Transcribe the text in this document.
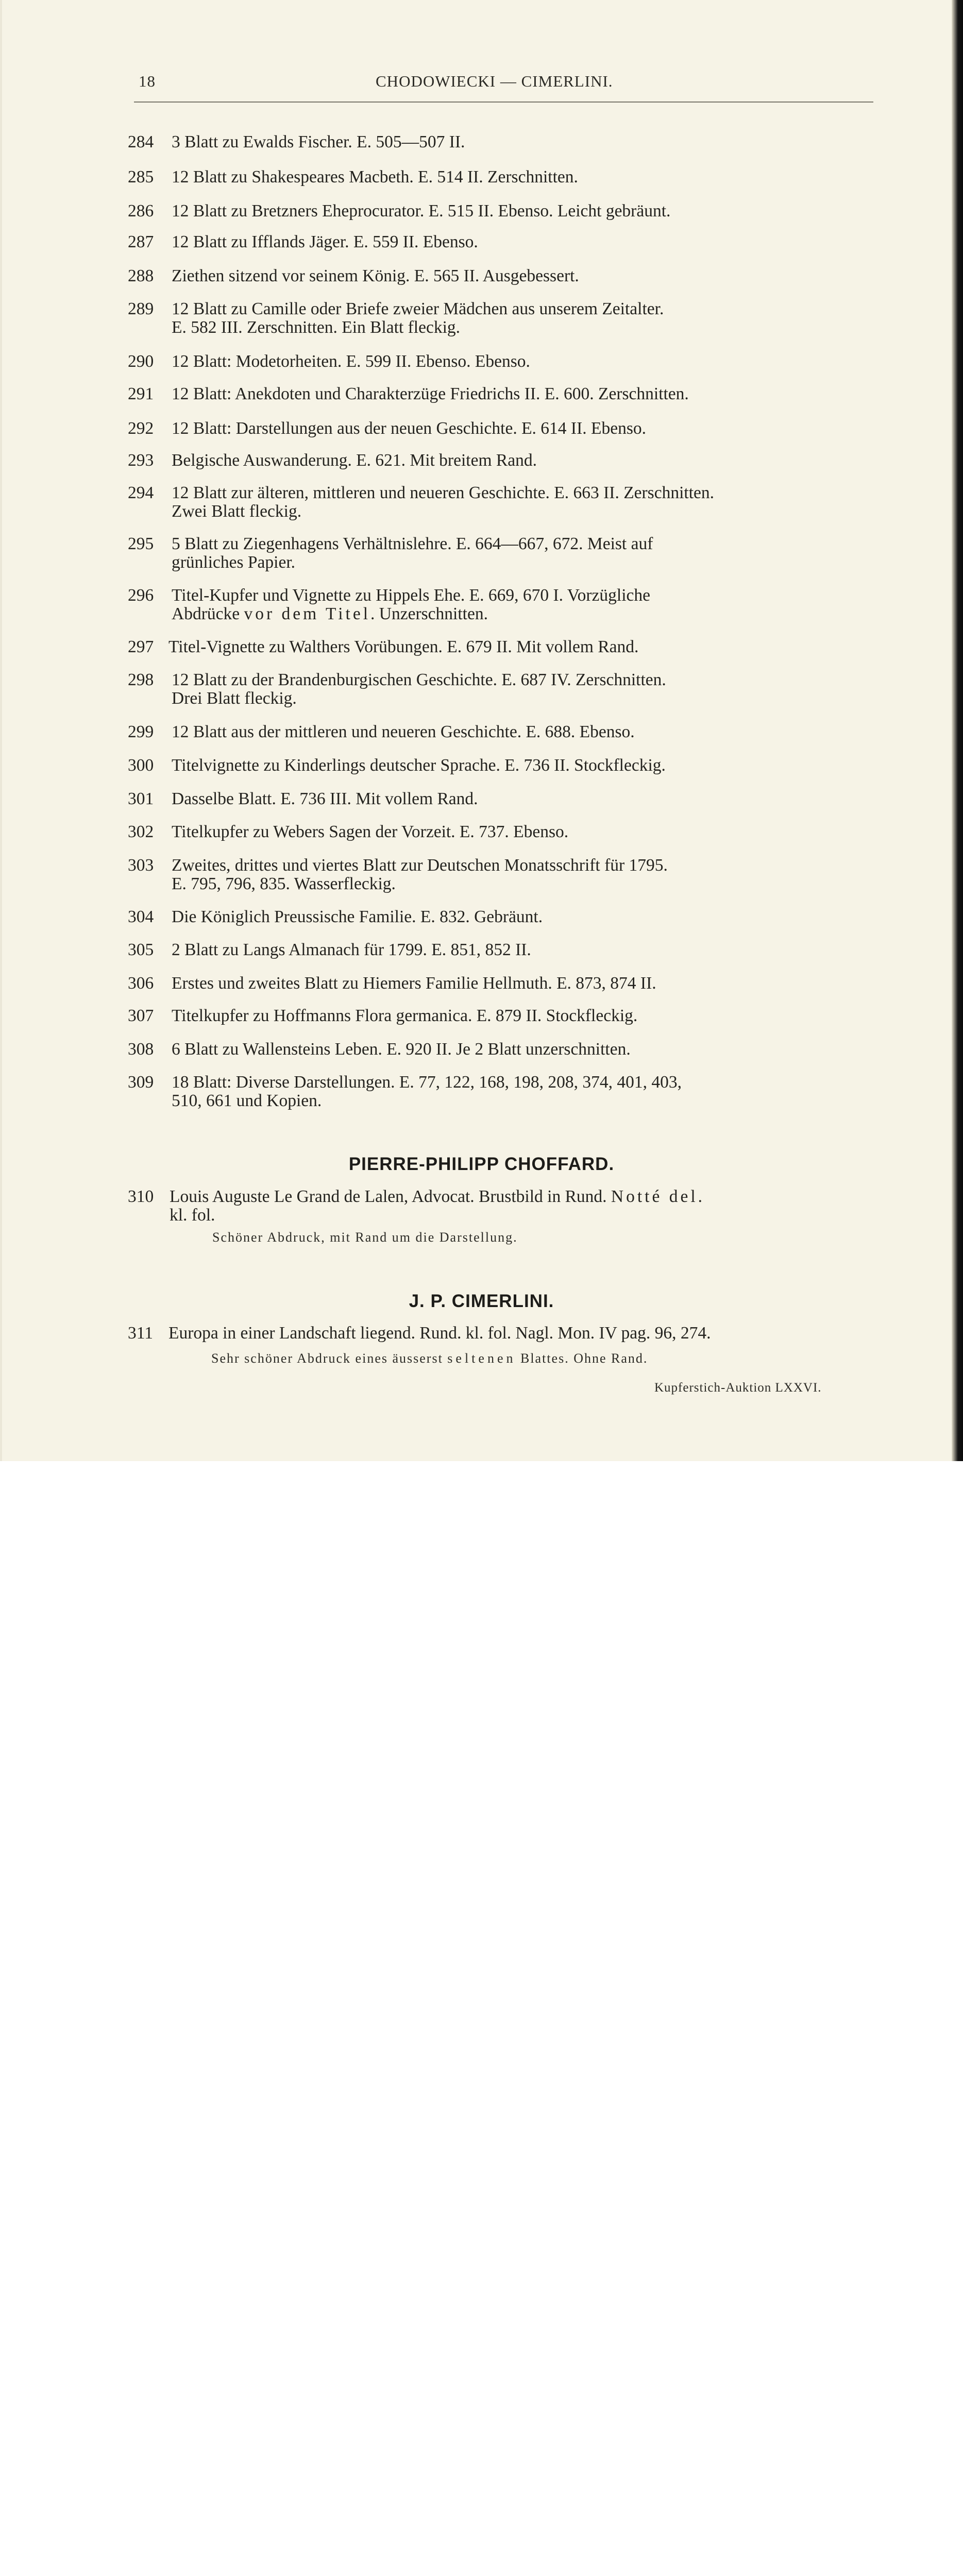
18	CHODOWIECKI — CIMERLINI.
284	3 Blatt zu Ewalds Fischer. E. 505—507 II.
285	12 Blatt zu Shakespeares Macbeth. E. 514 II. Zerschnitten.
286	12 Blatt zu Bretzners Eheprocurator. E. 515 II. Ebenso. Leicht gebräunt.
287	12 Blatt zu Ifflands Jäger. E. 559 II. Ebenso.
288	Ziethen sitzend vor seinem König. E. 565 II. Ausgebessert.
289	12 Blatt zu Camille oder Briefe zweier Mädchen aus unserem Zeitalter.
E. 582 III. Zerschnitten. Ein Blatt fleckig.
290	12 Blatt: Modetorheiten. E. 599 II. Ebenso. Ebenso.
291	12 Blatt: Anekdoten und Charakterzüge Friedrichs II. E. 600. Zerschnitten.
292	12 Blatt: Darstellungen aus der neuen Geschichte. E. 614 II. Ebenso.
293	Belgische Auswanderung. E. 621. Mit breitem Rand.
294	12 Blatt zur älteren, mittleren und neueren Geschichte. E. 663 II. Zerschnitten.
Zwei Blatt fleckig.
295	5 Blatt zu Ziegenhagens Verhältnislehre. E. 664—667, 672. Meist auf
grünliches Papier.
296	Titel-Kupfer und Vignette zu Hippels Ehe. E. 669, 670 I. Vorzügliche
Abdrücke vor dem Titel. Unzerschnitten.
297 Titel-Vignette zu Walthers Vorübungen. E. 679 II. Mit vollem Rand.
298	12 Blatt zu der Brandenburgischen Geschichte. E. 687 IV. Zerschnitten.
Drei Blatt fleckig.
299	12 Blatt aus der mittleren und neueren Geschichte. E. 688. Ebenso.
300	Titelvignette zu Kinderlings deutscher Sprache. E. 736 II. Stockfleckig.
301	Dasselbe Blatt. E. 736 III. Mit vollem Rand.
302	Titelkupfer zu Webers Sagen der Vorzeit. E. 737. Ebenso.
303	Zweites, drittes und viertes Blatt zur Deutschen Monatsschrift für 1795.
E. 795, 796, 835. Wasserfleckig.
304	Die Königlich Preussische Familie. E. 832. Gebräunt.
305	2 Blatt zu Langs Almanach für 1799. E. 851, 852 II.
306	Erstes und zweites Blatt zu Hiemers Familie Hellmuth. E. 873, 874 II.
307	Titelkupfer zu Hoffmanns Flora germanica. E. 879 II. Stockfleckig.
308	6 Blatt zu Wallensteins Leben. E. 920 II. Je 2 Blatt unzerschnitten.
309	18 Blatt: Diverse Darstellungen. E. 77, 122, 168, 198, 208, 374, 401, 403,
510, 661 und Kopien.
PIERRE-PHILIPP CHOFFARD.
310 Louis Auguste Le Grand de Lalen, Advocat. Brustbild in Rund. Notté del.
kl. fol.
Schöner Abdruck, mit Rand um die Darstellung.
J. P. CIMERLINI.
311 Europa in einer Landschaft liegend. Rund. kl. fol. Nagl. Mon. IV pag. 96, 274.
Sehr schöner Abdruck eines äusserst seltenen Blattes. Ohne Rand.
Kupferstich-Auktion LXXVI.
